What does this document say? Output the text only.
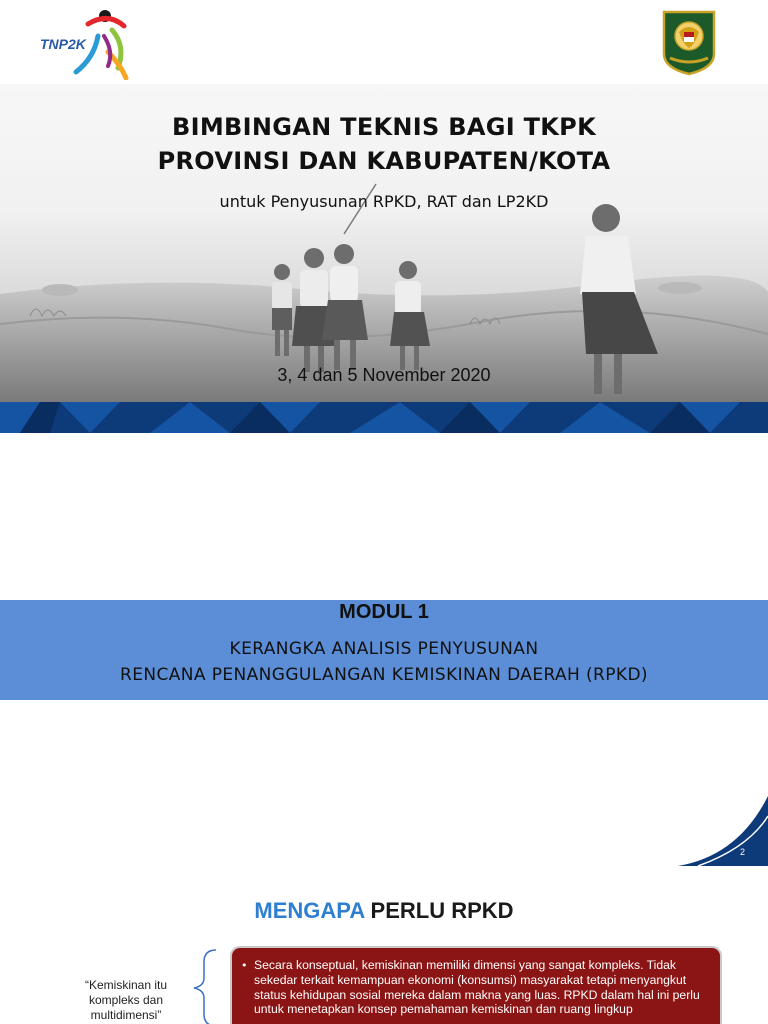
TNP2K
BIMBINGAN TEKNIS BAGI TKPK
PROVINSI DAN KABUPATEN/KOTA
untuk Penyusunan RPKD, RAT dan LP2KD
3, 4 dan 5 November 2020
MODUL 1
KERANGKA ANALISIS PENYUSUNAN
RENCANA PENANGGULANGAN KEMISKINAN DAERAH (RPKD)
2
MENGAPA PERLU RPKD
“Kemiskinan itu kompleks dan multidimensi”
• Secara konseptual, kemiskinan memiliki dimensi yang sangat kompleks. Tidak sekedar terkait kemampuan ekonomi (konsumsi) masyarakat tetapi menyangkut status kehidupan sosial mereka dalam makna yang luas. RPKD dalam hal ini perlu untuk menetapkan konsep pemahaman kemiskinan dan ruang lingkup
